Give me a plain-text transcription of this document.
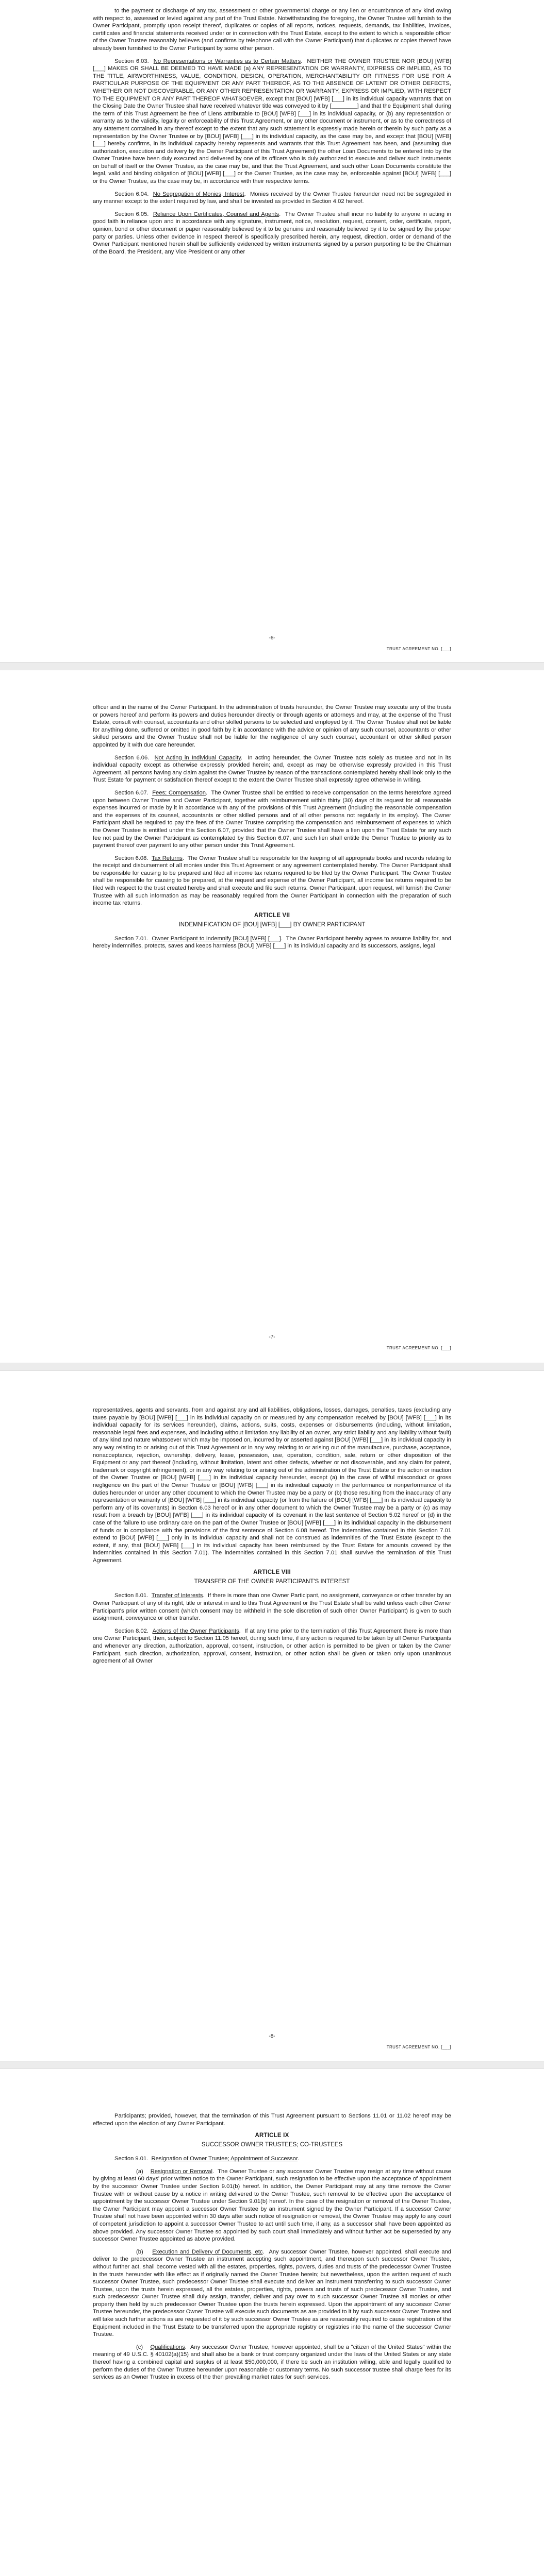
to the payment or discharge of any tax, assessment or other governmental charge or any lien or encumbrance of any kind owing with respect to, assessed or levied against any part of the Trust Estate. Notwithstanding the foregoing, the Owner Trustee will furnish to the Owner Participant, promptly upon receipt thereof, duplicates or copies of all reports, notices, requests, demands, tax liabilities, invoices, certificates and financial statements received under or in connection with the Trust Estate, except to the extent to which a responsible officer of the Owner Trustee reasonably believes (and confirms by telephone call with the Owner Participant) that duplicates or copies thereof have already been furnished to the Owner Participant by some other person.

Section 6.03. No Representations or Warranties as to Certain Matters.  NEITHER THE OWNER TRUSTEE NOR [BOU] [WFB] [___] MAKES OR SHALL BE DEEMED TO HAVE MADE (a) ANY REPRESENTATION OR WARRANTY, EXPRESS OR IMPLIED, AS TO THE TITLE, AIRWORTHINESS, VALUE, CONDITION, DESIGN, OPERATION, MERCHANTABILITY OR FITNESS FOR USE FOR A PARTICULAR PURPOSE OF THE EQUIPMENT OR ANY PART THEREOF, AS TO THE ABSENCE OF LATENT OR OTHER DEFECTS, WHETHER OR NOT DISCOVERABLE, OR ANY OTHER REPRESENTATION OR WARRANTY, EXPRESS OR IMPLIED, WITH RESPECT TO THE EQUIPMENT OR ANY PART THEREOF WHATSOEVER, except that [BOU] [WFB] [___] in its individual capacity warrants that on the Closing Date the Owner Trustee shall have received whatever title was conveyed to it by [________] and that the Equipment shall during the term of this Trust Agreement be free of Liens attributable to [BOU] [WFB] [___] in its individual capacity, or (b) any representation or warranty as to the validity, legality or enforceability of this Trust Agreement, or any other document or instrument, or as to the correctness of any statement contained in any thereof except to the extent that any such statement is expressly made herein or therein by such party as a representation by the Owner Trustee or by [BOU] [WFB] [___] in its individual capacity, as the case may be, and except that [BOU] [WFB] [___] hereby confirms, in its individual capacity hereby represents and warrants that this Trust Agreement has been, and (assuming due authorization, execution and delivery by the Owner Participant of this Trust Agreement) the other Loan Documents to be entered into by the Owner Trustee have been duly executed and delivered by one of its officers who is duly authorized to execute and deliver such instruments on behalf of itself or the Owner Trustee, as the case may be, and that the Trust Agreement, and such other Loan Documents constitute the legal, valid and binding obligation of [BOU] [WFB] [___] or the Owner Trustee, as the case may be, enforceable against [BOU] [WFB] [___] or the Owner Trustee, as the case may be, in accordance with their respective terms.

Section 6.04. No Segregation of Monies; Interest.  Monies received by the Owner Trustee hereunder need not be segregated in any manner except to the extent required by law, and shall be invested as provided in Section 4.02 hereof.

Section 6.05. Reliance Upon Certificates, Counsel and Agents.  The Owner Trustee shall incur no liability to anyone in acting in good faith in reliance upon and in accordance with any signature, instrument, notice, resolution, request, consent, order, certificate, report, opinion, bond or other document or paper reasonably believed by it to be genuine and reasonably believed by it to be signed by the proper party or parties. Unless other evidence in respect thereof is specifically prescribed herein, any request, direction, order or demand of the Owner Participant mentioned herein shall be sufficiently evidenced by written instruments signed by a person purporting to be the Chairman of the Board, the President, any Vice President or any other

-6-
TRUST AGREEMENT NO. [___]

officer and in the name of the Owner Participant. In the administration of trusts hereunder, the Owner Trustee may execute any of the trusts or powers hereof and perform its powers and duties hereunder directly or through agents or attorneys and may, at the expense of the Trust Estate, consult with counsel, accountants and other skilled persons to be selected and employed by it. The Owner Trustee shall not be liable for anything done, suffered or omitted in good faith by it in accordance with the advice or opinion of any such counsel, accountants or other skilled persons and the Owner Trustee shall not be liable for the negligence of any such counsel, accountant or other skilled person appointed by it with due care hereunder.

Section 6.06. Not Acting in Individual Capacity.  In acting hereunder, the Owner Trustee acts solely as trustee and not in its individual capacity except as otherwise expressly provided herein; and, except as may be otherwise expressly provided in this Trust Agreement, all persons having any claim against the Owner Trustee by reason of the transactions contemplated hereby shall look only to the Trust Estate for payment or satisfaction thereof except to the extent the Owner Trustee shall expressly agree otherwise in writing.

Section 6.07. Fees; Compensation.  The Owner Trustee shall be entitled to receive compensation on the terms heretofore agreed upon between Owner Trustee and Owner Participant, together with reimbursement within thirty (30) days of its request for all reasonable expenses incurred or made by it in accordance with any of the provisions of this Trust Agreement (including the reasonable compensation and the expenses of its counsel, accountants or other skilled persons and of all other persons not regularly in its employ). The Owner Participant shall be required to pay the fees of the Owner Trustee comprising the compensation and reimbursement of expenses to which the Owner Trustee is entitled under this Section 6.07, provided that the Owner Trustee shall have a lien upon the Trust Estate for any such fee not paid by the Owner Participant as contemplated by this Section 6.07, and such lien shall entitle the Owner Trustee to priority as to payment thereof over payment to any other person under this Trust Agreement.

Section 6.08. Tax Returns.  The Owner Trustee shall be responsible for the keeping of all appropriate books and records relating to the receipt and disbursement of all monies under this Trust Agreement or any agreement contemplated hereby. The Owner Participant shall be responsible for causing to be prepared and filed all income tax returns required to be filed by the Owner Participant. The Owner Trustee shall be responsible for causing to be prepared, at the request and expense of the Owner Participant, all income tax returns required to be filed with respect to the trust created hereby and shall execute and file such returns. Owner Participant, upon request, will furnish the Owner Trustee with all such information as may be reasonably required from the Owner Participant in connection with the preparation of such income tax returns.

ARTICLE VII
INDEMNIFICATION OF [BOU] [WFB] [___] BY OWNER PARTICIPANT

Section 7.01. Owner Participant to Indemnify [BOU] [WFB] [___].  The Owner Participant hereby agrees to assume liability for, and hereby indemnifies, protects, saves and keeps harmless [BOU] [WFB] [___] in its individual capacity and its successors, assigns, legal

-7-
TRUST AGREEMENT NO. [___]

representatives, agents and servants, from and against any and all liabilities, obligations, losses, damages, penalties, taxes (excluding any taxes payable by [BOU] [WFB] [___] in its individual capacity on or measured by any compensation received by [BOU] [WFB] [___] in its individual capacity for its services hereunder), claims, actions, suits, costs, expenses or disbursements (including, without limitation, reasonable legal fees and expenses, and including without limitation any liability of an owner, any strict liability and any liability without fault) of any kind and nature whatsoever which may be imposed on, incurred by or asserted against [BOU] [WFB] [___] in its individual capacity in any way relating to or arising out of this Trust Agreement or in any way relating to or arising out of the manufacture, purchase, acceptance, nonacceptance, rejection, ownership, delivery, lease, possession, use, operation, condition, sale, return or other disposition of the Equipment or any part thereof (including, without limitation, latent and other defects, whether or not discoverable, and any claim for patent, trademark or copyright infringement), or in any way relating to or arising out of the administration of the Trust Estate or the action or inaction of the Owner Trustee or [BOU] [WFB] [___] in its individual capacity hereunder, except (a) in the case of willful misconduct or gross negligence on the part of the Owner Trustee or [BOU] [WFB] [___] in its individual capacity in the performance or nonperformance of its duties hereunder or under any other document to which the Owner Trustee may be a party or (b) those resulting from the inaccuracy of any representation or warranty of [BOU] [WFB] [___] in its individual capacity (or from the failure of [BOU] [WFB] [___] in its individual capacity to perform any of its covenants) in Section 6.03 hereof or in any other document to which the Owner Trustee may be a party or (c) as may result from a breach by [BOU] [WFB] [___] in its individual capacity of its covenant in the last sentence of Section 5.02 hereof or (d) in the case of the failure to use ordinary care on the part of the Owner Trustee or [BOU] [WFB] [___] in its individual capacity in the disbursement of funds or in compliance with the provisions of the first sentence of Section 6.08 hereof. The indemnities contained in this Section 7.01 extend to [BOU] [WFB] [___] only in its individual capacity and shall not be construed as indemnities of the Trust Estate (except to the extent, if any, that [BOU] [WFB] [___] in its individual capacity has been reimbursed by the Trust Estate for amounts covered by the indemnities contained in this Section 7.01). The indemnities contained in this Section 7.01 shall survive the termination of this Trust Agreement.

ARTICLE VIII
TRANSFER OF THE OWNER PARTICIPANT'S INTEREST

Section 8.01. Transfer of Interests.  If there is more than one Owner Participant, no assignment, conveyance or other transfer by an Owner Participant of any of its right, title or interest in and to this Trust Agreement or the Trust Estate shall be valid unless each other Owner Participant's prior written consent (which consent may be withheld in the sole discretion of such other Owner Participant) is given to such assignment, conveyance or other transfer.

Section 8.02. Actions of the Owner Participants.  If at any time prior to the termination of this Trust Agreement there is more than one Owner Participant, then, subject to Section 11.05 hereof, during such time, if any action is required to be taken by all Owner Participants and whenever any direction, authorization, approval, consent, instruction, or other action is permitted to be given or taken by the Owner Participant, such direction, authorization, approval, consent, instruction, or other action shall be given or taken only upon unanimous agreement of all Owner

-8-
TRUST AGREEMENT NO. [___]

Participants; provided, however, that the termination of this Trust Agreement pursuant to Sections 11.01 or 11.02 hereof may be effected upon the election of any Owner Participant.

ARTICLE IX
SUCCESSOR OWNER TRUSTEES; CO-TRUSTEES

Section 9.01. Resignation of Owner Trustee; Appointment of Successor.

(a) Resignation or Removal.  The Owner Trustee or any successor Owner Trustee may resign at any time without cause by giving at least 60 days' prior written notice to the Owner Participant, such resignation to be effective upon the acceptance of appointment by the successor Owner Trustee under Section 9.01(b) hereof. In addition, the Owner Participant may at any time remove the Owner Trustee with or without cause by a notice in writing delivered to the Owner Trustee, such removal to be effective upon the acceptance of appointment by the successor Owner Trustee under Section 9.01(b) hereof. In the case of the resignation or removal of the Owner Trustee, the Owner Participant may appoint a successor Owner Trustee by an instrument signed by the Owner Participant. If a successor Owner Trustee shall not have been appointed within 30 days after such notice of resignation or removal, the Owner Trustee may apply to any court of competent jurisdiction to appoint a successor Owner Trustee to act until such time, if any, as a successor shall have been appointed as above provided. Any successor Owner Trustee so appointed by such court shall immediately and without further act be superseded by any successor Owner Trustee appointed as above provided.

(b) Execution and Delivery of Documents, etc.  Any successor Owner Trustee, however appointed, shall execute and deliver to the predecessor Owner Trustee an instrument accepting such appointment, and thereupon such successor Owner Trustee, without further act, shall become vested with all the estates, properties, rights, powers, duties and trusts of the predecessor Owner Trustee in the trusts hereunder with like effect as if originally named the Owner Trustee herein; but nevertheless, upon the written request of such successor Owner Trustee, such predecessor Owner Trustee shall execute and deliver an instrument transferring to such successor Owner Trustee, upon the trusts herein expressed, all the estates, properties, rights, powers and trusts of such predecessor Owner Trustee, and such predecessor Owner Trustee shall duly assign, transfer, deliver and pay over to such successor Owner Trustee all monies or other property then held by such predecessor Owner Trustee upon the trusts herein expressed. Upon the appointment of any successor Owner Trustee hereunder, the predecessor Owner Trustee will execute such documents as are provided to it by such successor Owner Trustee and will take such further actions as are requested of it by such successor Owner Trustee as are reasonably required to cause registration of the Equipment included in the Trust Estate to be transferred upon the appropriate registry or registries into the name of the successor Owner Trustee.

(c) Qualifications.  Any successor Owner Trustee, however appointed, shall be a "citizen of the United States" within the meaning of 49 U.S.C. § 40102(a)(15) and shall also be a bank or trust company organized under the laws of the United States or any state thereof having a combined capital and surplus of at least $50,000,000, if there be such an institution willing, able and legally qualified to perform the duties of the Owner Trustee hereunder upon reasonable or customary terms. No such successor trustee shall charge fees for its services as an Owner Trustee in excess of the then prevailing market rates for such services.
